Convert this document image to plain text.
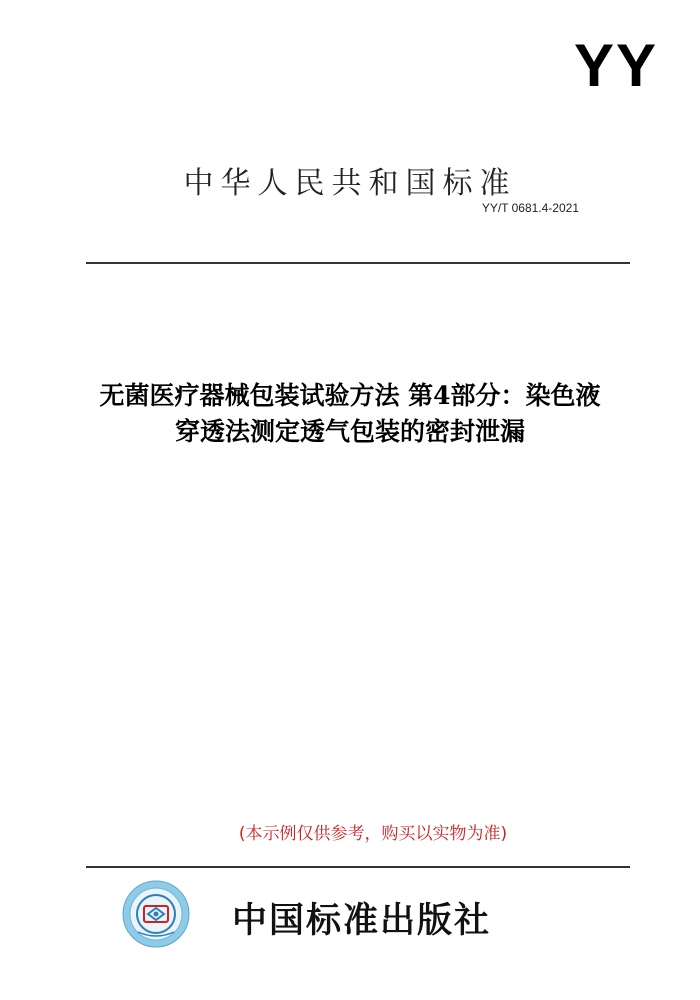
YY
中华人民共和国标准
YY/T 0681.4-2021
无菌医疗器械包装试验方法 第4部分：染色液
穿透法测定透气包装的密封泄漏
(本示例仅供参考，购买以实物为准)
中国标准出版社
